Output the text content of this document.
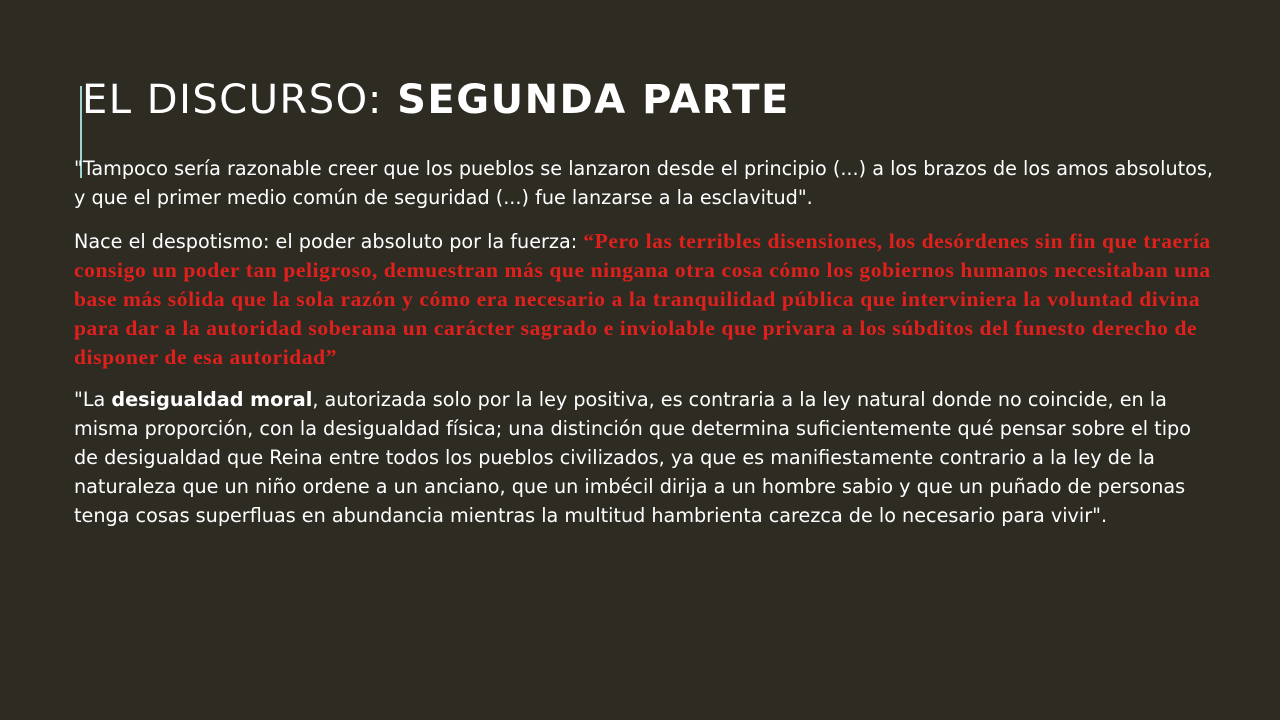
EL DISCURSO: SEGUNDA PARTE

"Tampoco sería razonable creer que los pueblos se lanzaron desde el principio (...) a los brazos de los amos absolutos, y que el primer medio común de seguridad (...) fue lanzarse a la esclavitud".

Nace el despotismo: el poder absoluto por la fuerza: “Pero las terribles disensiones, los desórdenes sin fin que traería consigo un poder tan peligroso, demuestran más que ningana otra cosa cómo los gobiernos humanos necesitaban una base más sólida que la sola razón y cómo era necesario a la tranquilidad pública que interviniera la voluntad divina para dar a la autoridad soberana un carácter sagrado e inviolable que privara a los súbditos del funesto derecho de disponer de esa autoridad”

"La desigualdad moral, autorizada solo por la ley positiva, es contraria a la ley natural donde no coincide, en la misma proporción, con la desigualdad física; una distinción que determina suficientemente qué pensar sobre el tipo de desigualdad que Reina entre todos los pueblos civilizados, ya que es manifiestamente contrario a la ley de la naturaleza que un niño ordene a un anciano, que un imbécil dirija a un hombre sabio y que un puñado de personas tenga cosas superfluas en abundancia mientras la multitud hambrienta carezca de lo necesario para vivir".
